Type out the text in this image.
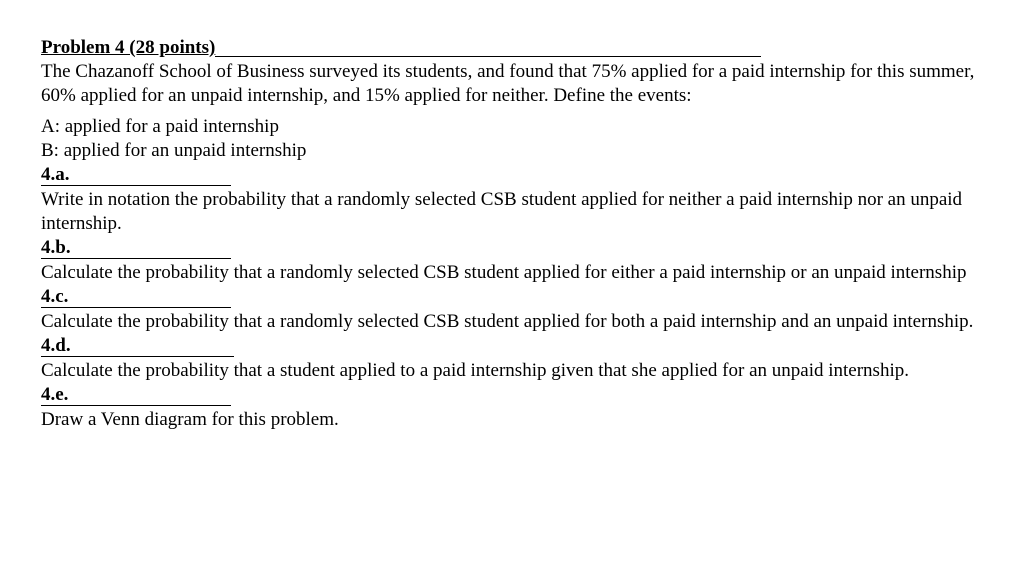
Problem 4 (28 points)

The Chazanoff School of Business surveyed its students, and found that 75% applied for a paid internship for this summer, 60% applied for an unpaid internship, and 15% applied for neither. Define the events:

A: applied for a paid internship

B: applied for an unpaid internship

4.a.

Write in notation the probability that a randomly selected CSB student applied for neither a paid internship nor an unpaid internship.

4.b.

Calculate the probability that a randomly selected CSB student applied for either a paid internship or an unpaid internship

4.c.

Calculate the probability that a randomly selected CSB student applied for both a paid internship and an unpaid internship.

4.d.

Calculate the probability that a student applied to a paid internship given that she applied for an unpaid internship.

4.e.

Draw a Venn diagram for this problem.
